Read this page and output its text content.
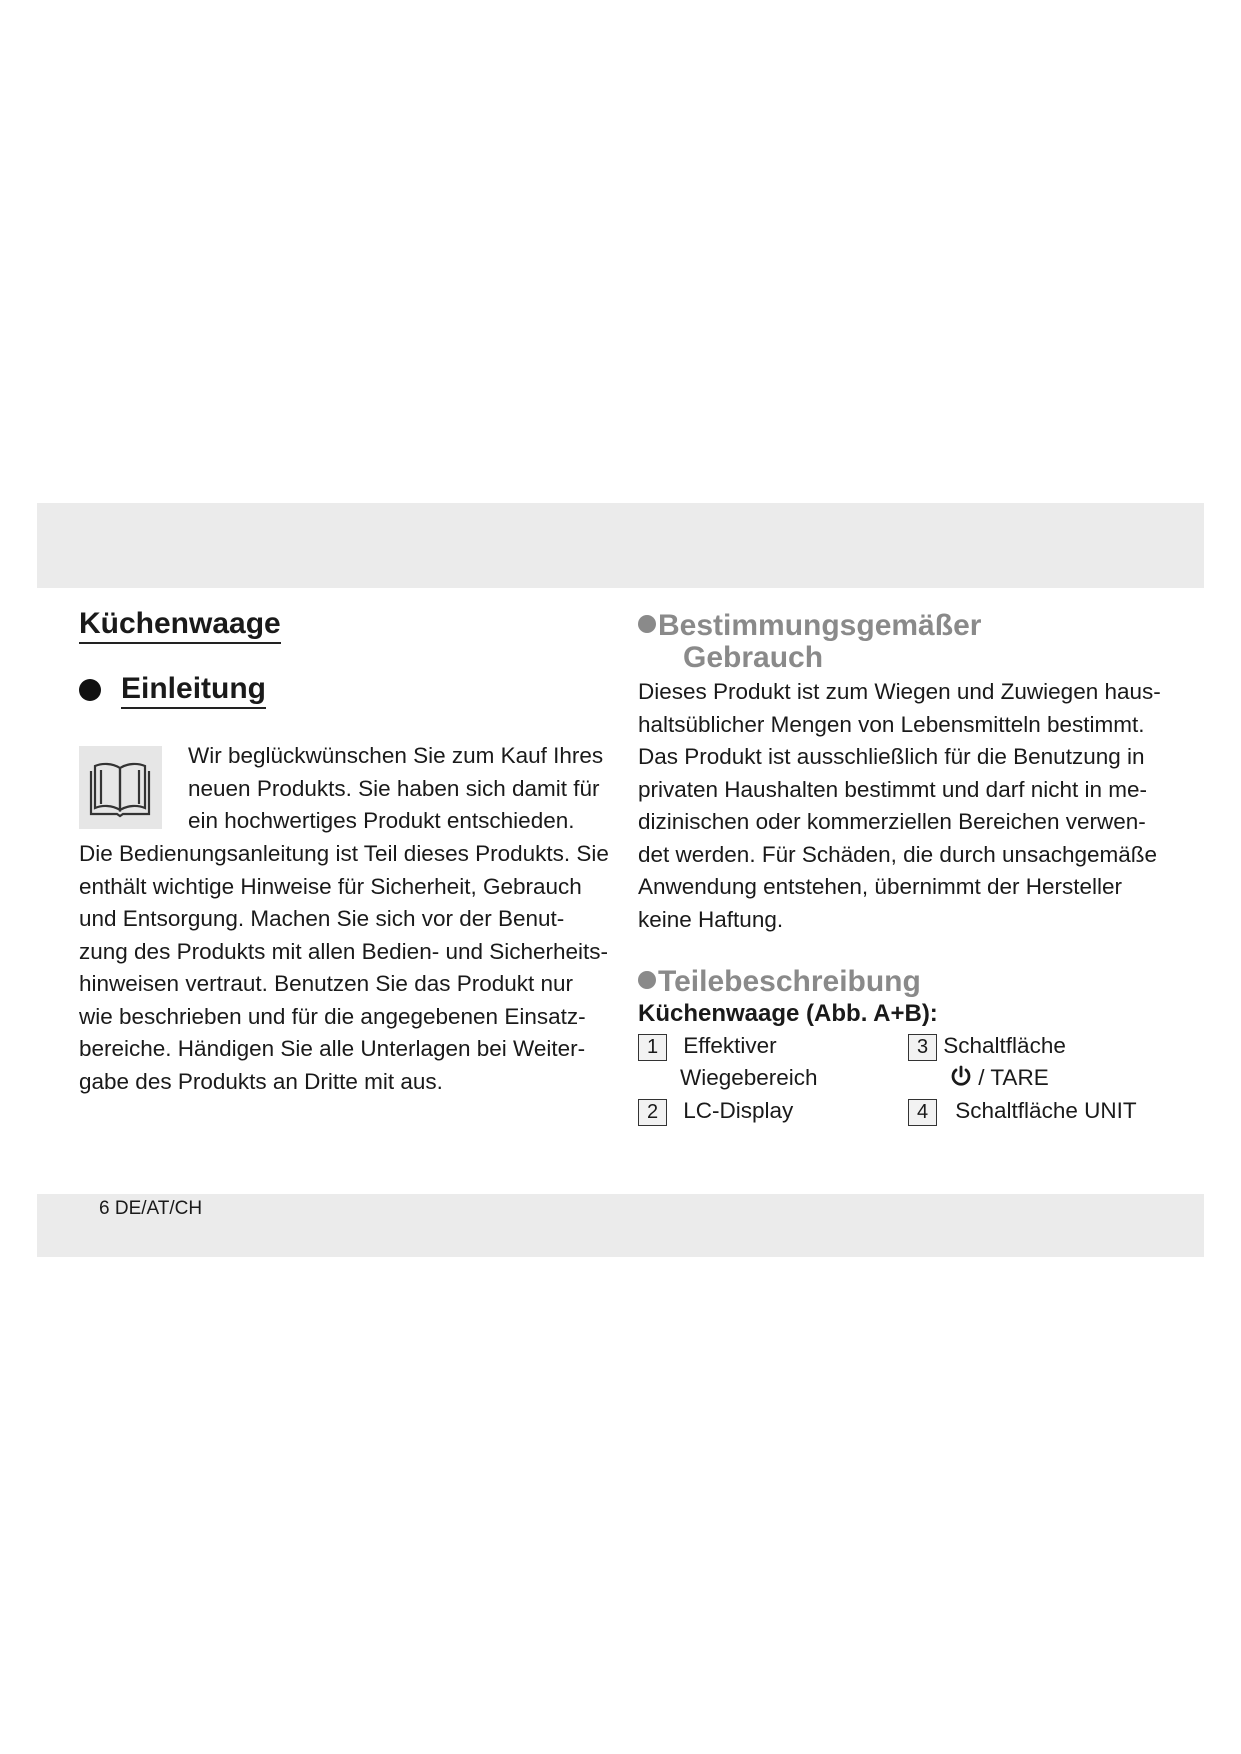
Küchenwaage
Einleitung
Wir beglückwünschen Sie zum Kauf Ihres
neuen Produkts. Sie haben sich damit für
ein hochwertiges Produkt entschieden.
Die Bedienungsanleitung ist Teil dieses Produkts. Sie
enthält wichtige Hinweise für Sicherheit, Gebrauch
und Entsorgung. Machen Sie sich vor der Benut-
zung des Produkts mit allen Bedien- und Sicherheits-
hinweisen vertraut. Benutzen Sie das Produkt nur
wie beschrieben und für die angegebenen Einsatz-
bereiche. Händigen Sie alle Unterlagen bei Weiter-
gabe des Produkts an Dritte mit aus.
Bestimmungsgemäßer
Gebrauch
Dieses Produkt ist zum Wiegen und Zuwiegen haus-
haltsüblicher Mengen von Lebensmitteln bestimmt.
Das Produkt ist ausschließlich für die Benutzung in
privaten Haushalten bestimmt und darf nicht in me-
dizinischen oder kommerziellen Bereichen verwen-
det werden. Für Schäden, die durch unsachgemäße
Anwendung entstehen, übernimmt der Hersteller
keine Haftung.
Teilebeschreibung
Küchenwaage (Abb. A+B):
1 Effektiver
Wiegebereich
2 LC-Display
3 Schaltfläche
/ TARE
4 Schaltfläche UNIT
6 DE/AT/CH
